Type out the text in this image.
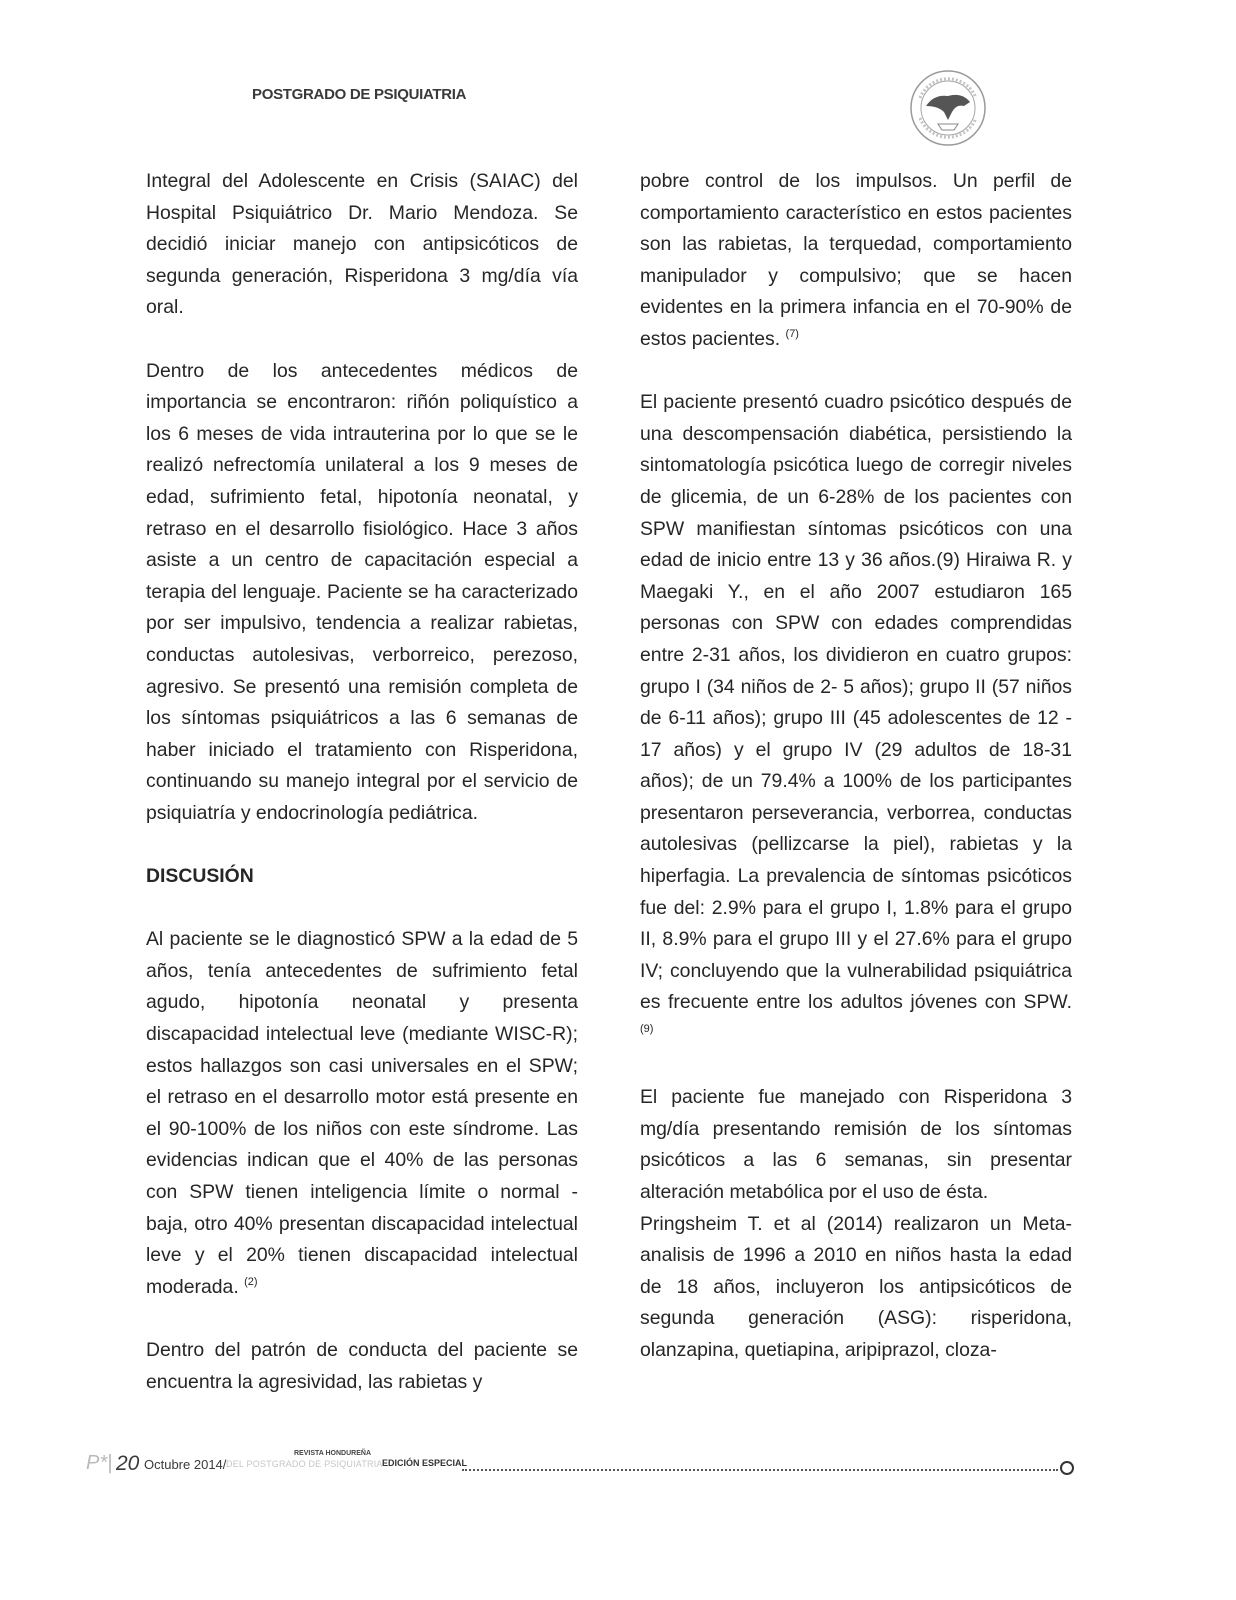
POSTGRADO DE PSIQUIATRIA

Integral del Adolescente en Crisis (SAIAC) del Hospital Psiquiátrico Dr. Mario Mendoza. Se decidió iniciar manejo con antipsicóticos de segunda generación, Risperidona 3 mg/día vía oral.

Dentro de los antecedentes médicos de importancia se encontraron: riñón poliquístico a los 6 meses de vida intrauterina por lo que se le realizó nefrectomía unilateral a los 9 meses de edad, sufrimiento fetal, hipotonía neonatal, y retraso en el desarrollo fisiológico. Hace 3 años asiste a un centro de capacitación especial a terapia del lenguaje. Paciente se ha caracterizado por ser impulsivo, tendencia a realizar rabietas, conductas autolesivas, verborreico, perezoso, agresivo. Se presentó una remisión completa de los síntomas psiquiátricos a las 6 semanas de haber iniciado el tratamiento con Risperidona, continuando su manejo integral por el servicio de psiquiatría y endocrinología pediátrica.

DISCUSIÓN

Al paciente se le diagnosticó SPW a la edad de 5 años, tenía antecedentes de sufrimiento fetal agudo, hipotonía neonatal y presenta discapacidad intelectual leve (mediante WISC-R); estos hallazgos son casi universales en el SPW; el retraso en el desarrollo motor está presente en el 90-100% de los niños con este síndrome. Las evidencias indican que el 40% de las personas con SPW tienen inteligencia límite o normal - baja, otro 40% presentan discapacidad intelectual leve y el 20% tienen discapacidad intelectual moderada. $^{(2)}$

Dentro del patrón de conducta del paciente se encuentra la agresividad, las rabietas y

pobre control de los impulsos. Un perfil de comportamiento característico en estos pacientes son las rabietas, la terquedad, comportamiento manipulador y compulsivo; que se hacen evidentes en la primera infancia en el 70-90% de estos pacientes. $^{(7)}$

El paciente presentó cuadro psicótico después de una descompensación diabética, persistiendo la sintomatología psicótica luego de corregir niveles de glicemia, de un 6-28% de los pacientes con SPW manifiestan síntomas psicóticos con una edad de inicio entre 13 y 36 años.(9) Hiraiwa R. y Maegaki Y., en el año 2007 estudiaron 165 personas con SPW con edades comprendidas entre 2-31 años, los dividieron en cuatro grupos: grupo I (34 niños de 2- 5 años); grupo II (57 niños de 6-11 años); grupo III (45 adolescentes de 12 - 17 años) y el grupo IV (29 adultos de 18-31 años); de un 79.4% a 100% de los participantes presentaron perseverancia, verborrea, conductas autolesivas (pellizcarse la piel), rabietas y la hiperfagia. La prevalencia de síntomas psicóticos fue del: 2.9% para el grupo I, 1.8% para el grupo II, 8.9% para el grupo III y el 27.6% para el grupo IV; concluyendo que la vulnerabilidad psiquiátrica es frecuente entre los adultos jóvenes con SPW. $^{(9)}$

El paciente fue manejado con Risperidona 3 mg/día presentando remisión de los síntomas psicóticos a las 6 semanas, sin presentar alteración metabólica por el uso de ésta.

Pringsheim T. et al (2014) realizaron un Meta-analisis de 1996 a 2010 en niños hasta la edad de 18 años, incluyeron los antipsicóticos de segunda generación (ASG): risperidona, olanzapina, quetiapina, aripiprazol, cloza-

P*| 20 Octubre 2014/
REVISTA HONDUREÑA
DEL POSTGRADO DE PSIQUIATRIA EDICIÓN ESPECIAL
